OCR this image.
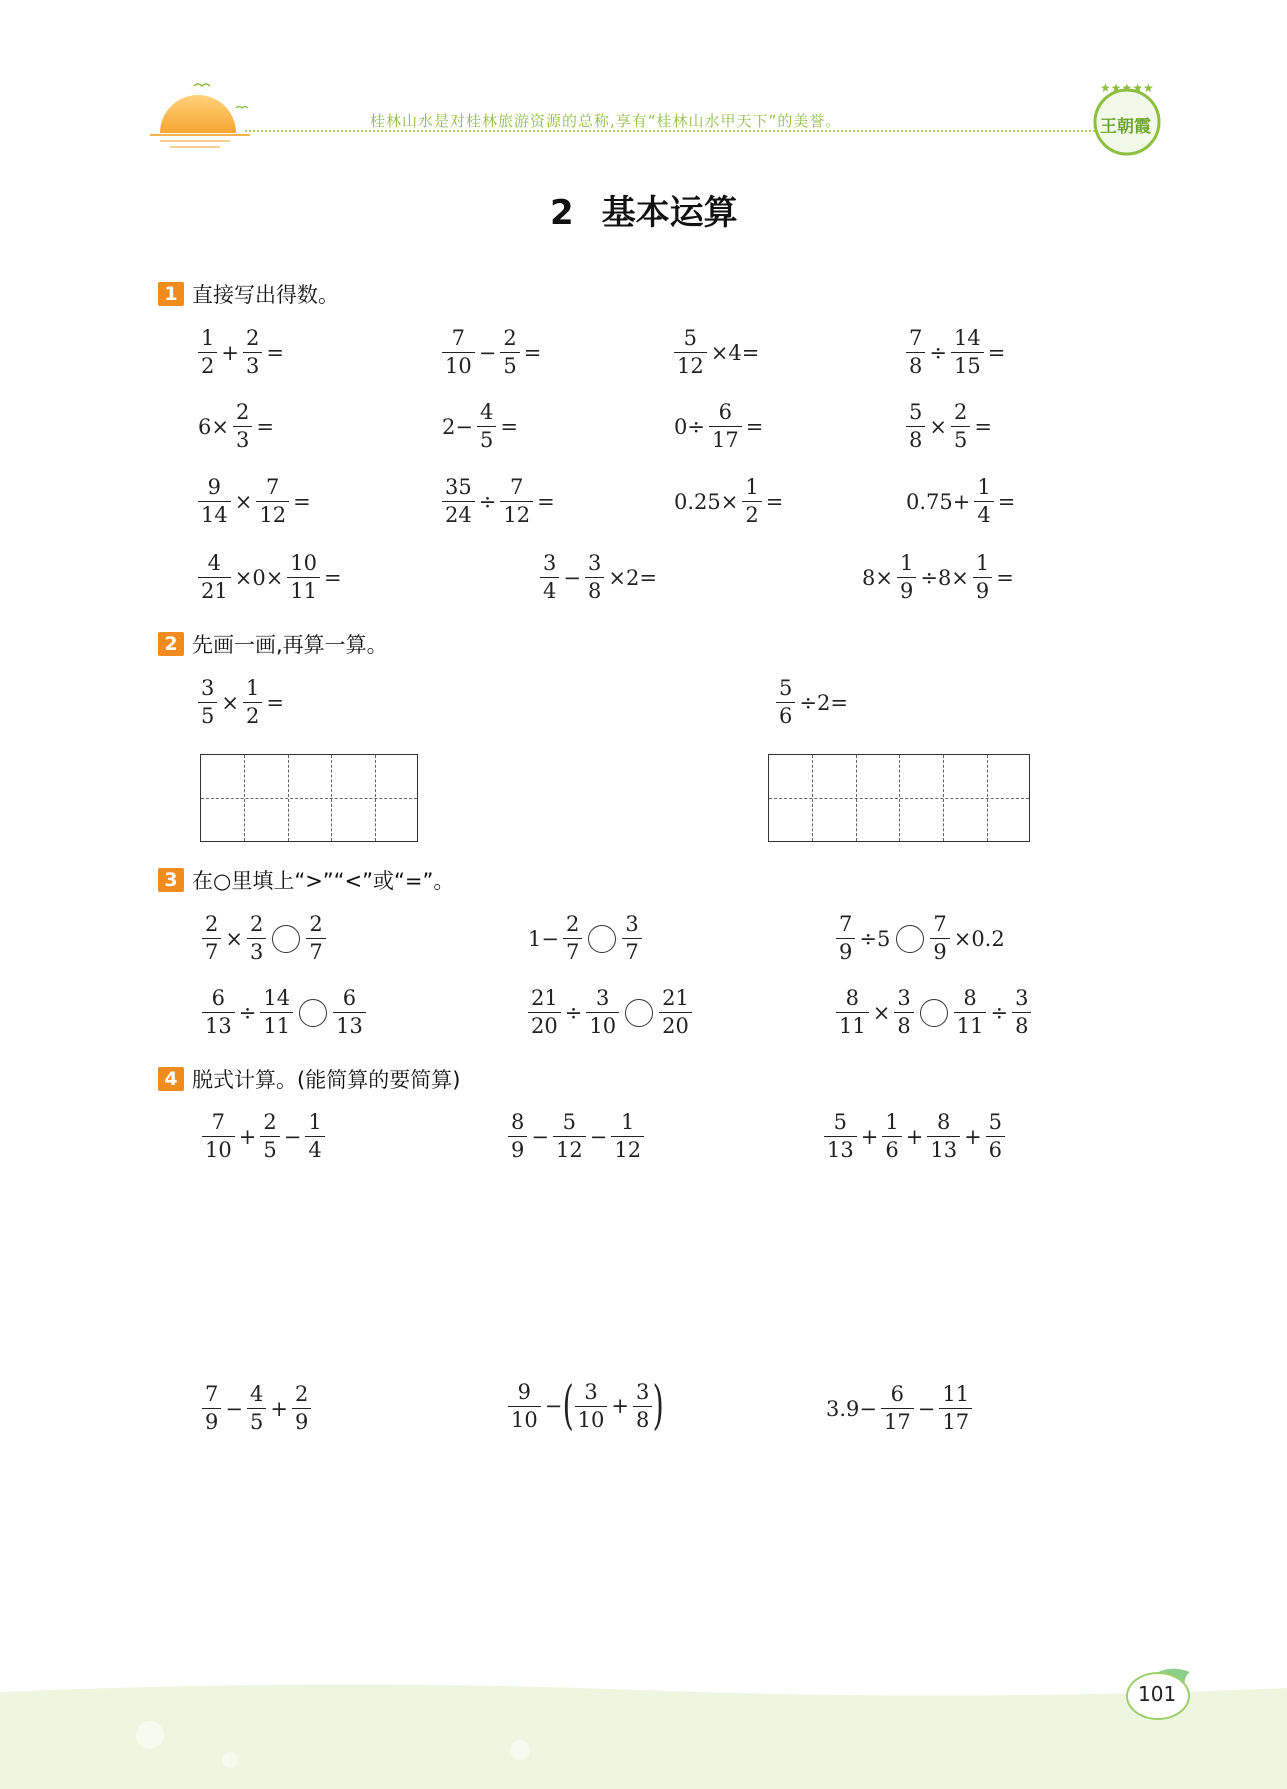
桂林山水是对桂林旅游资源的总称,享有“桂林山水甲天下”的美誉。
★★★★★
王朝霞
2 基本运算
1 直接写出得数。
2 先画一画,再算一算。
3 在○里填上“>”“<”或“=”。
4 脱式计算。(能简算的要简算)
$\frac{1}{2} + \frac{2}{3}$ =	$\frac{7}{10} - \frac{2}{5}$ =	$\frac{5}{12} \times 4=$	$\frac{7}{8} \div \frac{14}{15}$ =
$6\times \frac{2}{3}$ =	$2- \frac{4}{5}$ =	$0\div \frac{6}{17}$ =	$\frac{5}{8} \times \frac{2}{5}$ =
$\frac{9}{14} \times \frac{7}{12}$ =	$\frac{35}{24} \div \frac{7}{12}$ =	$0.25\times \frac{1}{2}$ =	$0.75+ \frac{1}{4}$ =
$\frac{4}{21} \times 0\times \frac{10}{11}$ =	$\frac{3}{4} - \frac{3}{8} \times 2=$	$8\times \frac{1}{9} \div 8\times \frac{1}{9}$ =
$\frac{3}{5} \times \frac{1}{2}$ =	$\frac{5}{6} \div 2=$
$\frac{2}{7} \times \frac{2}{3} \frac{2}{7}$	$1- \frac{2}{7} \frac{3}{7}$	$\frac{7}{9} \div 5 \frac{7}{9} \times 0.2$
$\frac{6}{13} \div \frac{14}{11} \frac{6}{13}$	$\frac{21}{20} \div \frac{3}{10} \frac{21}{20}$	$\frac{8}{11} \times \frac{3}{8} \frac{8}{11} \div \frac{3}{8}$
$\frac{7}{10} + \frac{2}{5} - \frac{1}{4}$	$\frac{8}{9} - \frac{5}{12} - \frac{1}{12}$	$\frac{5}{13} + \frac{1}{6} + \frac{8}{13} + \frac{5}{6}$
$\frac{7}{9} - \frac{4}{5} + \frac{2}{9}$	$\frac{9}{10}$ − ( $\frac{3}{10} + \frac{3}{8}$ )	$3.9- \frac{6}{17} - \frac{11}{17}$
101
